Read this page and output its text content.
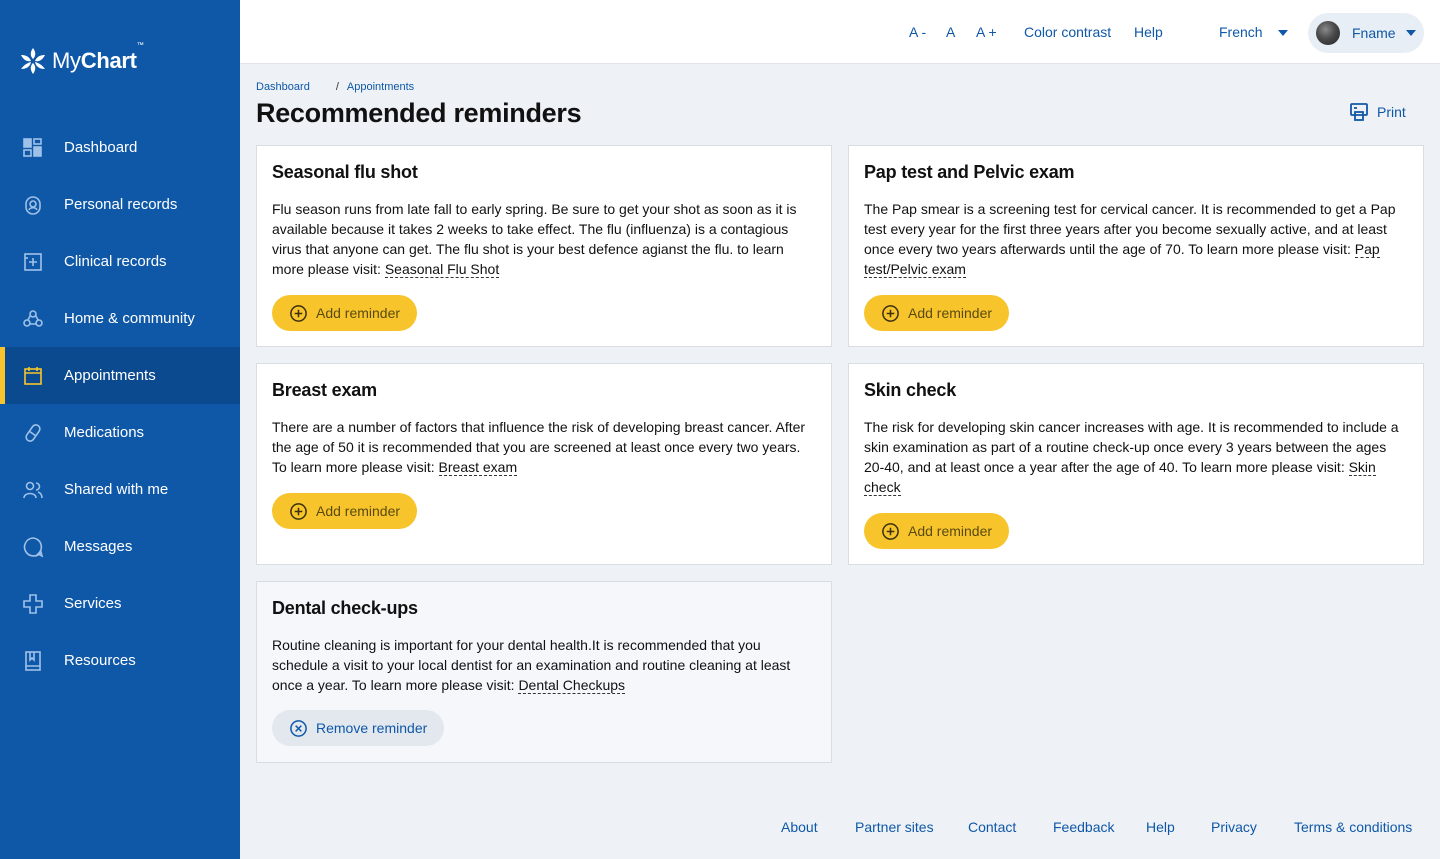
MyChart™
Dashboard
Personal records
Clinical records
Home & community
Appointments
Medications
Shared with me
Messages
Services
Resources
A - A A + Color contrast Help	French	Fname
Dashboard / Appointments
Recommended reminders	Print
Seasonal flu shot

Flu season runs from late fall to early spring. Be sure to get your shot as soon as it is available because it takes 2 weeks to take effect. The flu (influenza) is a contagious virus that anyone can get. The flu shot is your best defence agianst the flu. to learn more please visit: Seasonal Flu Shot

Add reminder
Pap test and Pelvic exam

The Pap smear is a screening test for cervical cancer. It is recommended to get a Pap test every year for the first three years after you become sexually active, and at least once every two years afterwards until the age of 70. To learn more please visit: Pap test/Pelvic exam

Add reminder
Breast exam

There are a number of factors that influence the risk of developing breast cancer. After the age of 50 it is recommended that you are screened at least once every two years. To learn more please visit: Breast exam

Add reminder
Skin check

The risk for developing skin cancer increases with age. It is recommended to include a skin examination as part of a routine check-up once every 3 years between the ages 20-40, and at least once a year after the age of 40. To learn more please visit: Skin check

Add reminder
Dental check-ups

Routine cleaning is important for your dental health.It is recommended that you schedule a visit to your local dentist for an examination and routine cleaning at least once a year. To learn more please visit: Dental Checkups

Remove reminder
About	Partner sites Contact	Feedback Help	Privacy	Terms & conditions
